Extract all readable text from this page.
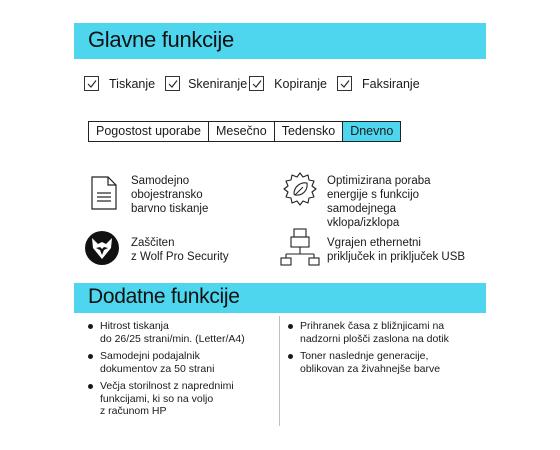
Glavne funkcije
Tiskanje	Skeniranje Kopiranje	Faksiranje
Pogostost uporabe	Mesečno	Tedensko	Dnevno
Samodejno
obojestransko
barvno tiskanje
Optimizirana poraba
energije s funkcijo
samodejnega
vklopa/izklopa
Zaščiten
z Wolf Pro Security
Vgrajen ethernetni
priključek in priključek USB
Dodatne funkcije
Hitrost tiskanja
do 26/25 strani/min. (Letter/A4)
Samodejni podajalnik
dokumentov za 50 strani
Večja storilnost z naprednimi
funkcijami, ki so na voljo
z računom HP
Prihranek časa z bližnjicami na
nadzorni plošči zaslona na dotik
Toner naslednje generacije,
oblikovan za živahnejše barve
